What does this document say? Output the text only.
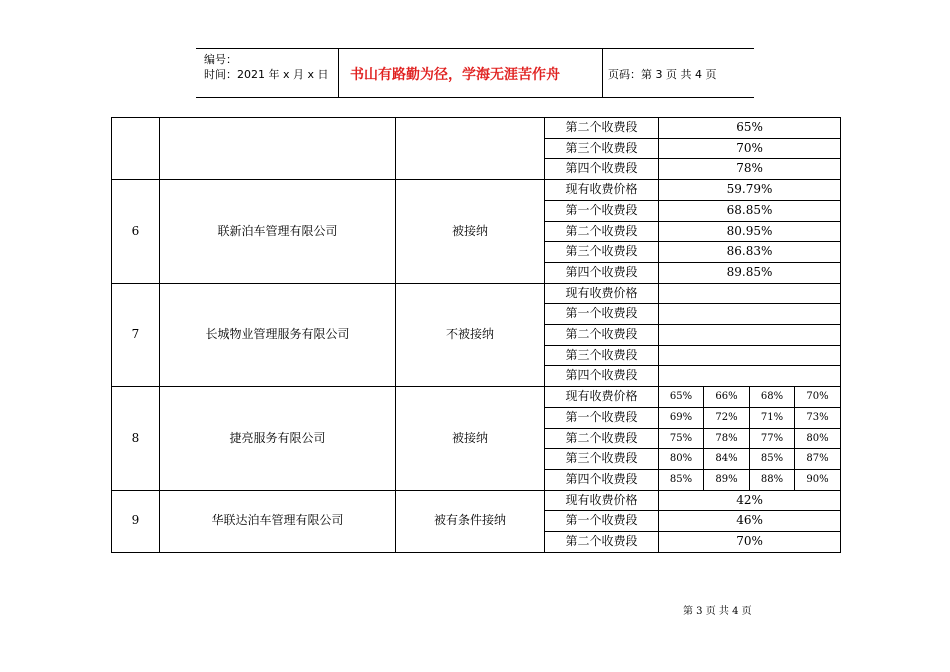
编号：
时间：2021 年 x 月 x 日 书山有路勤为径，学海无涯苦作舟	页码：第 3 页 共 4 页
			第二个收费段	65%			
			第三个收费段	70%			
			第四个收费段	78%			
6	联新泊车管理有限公司	被接纳	现有收费价格	59.79%			
			第一个收费段	68.85%			
			第二个收费段	80.95%			
			第三个收费段	86.83%			
			第四个收费段	89.85%			
7	长城物业管理服务有限公司	不被接纳	现有收费价格				
			第一个收费段				
			第二个收费段				
			第三个收费段				
			第四个收费段				
8	捷亮服务有限公司	被接纳	现有收费价格	65%	66%	68%	70%
			第一个收费段	69%	72%	71%	73%
			第二个收费段	75%	78%	77%	80%
			第三个收费段	80%	84%	85%	87%
			第四个收费段	85%	89%	88%	90%
9	华联达泊车管理有限公司	被有条件接纳	现有收费价格	42%			
			第一个收费段	46%			
			第二个收费段	70%			
第 3 页 共 4 页
